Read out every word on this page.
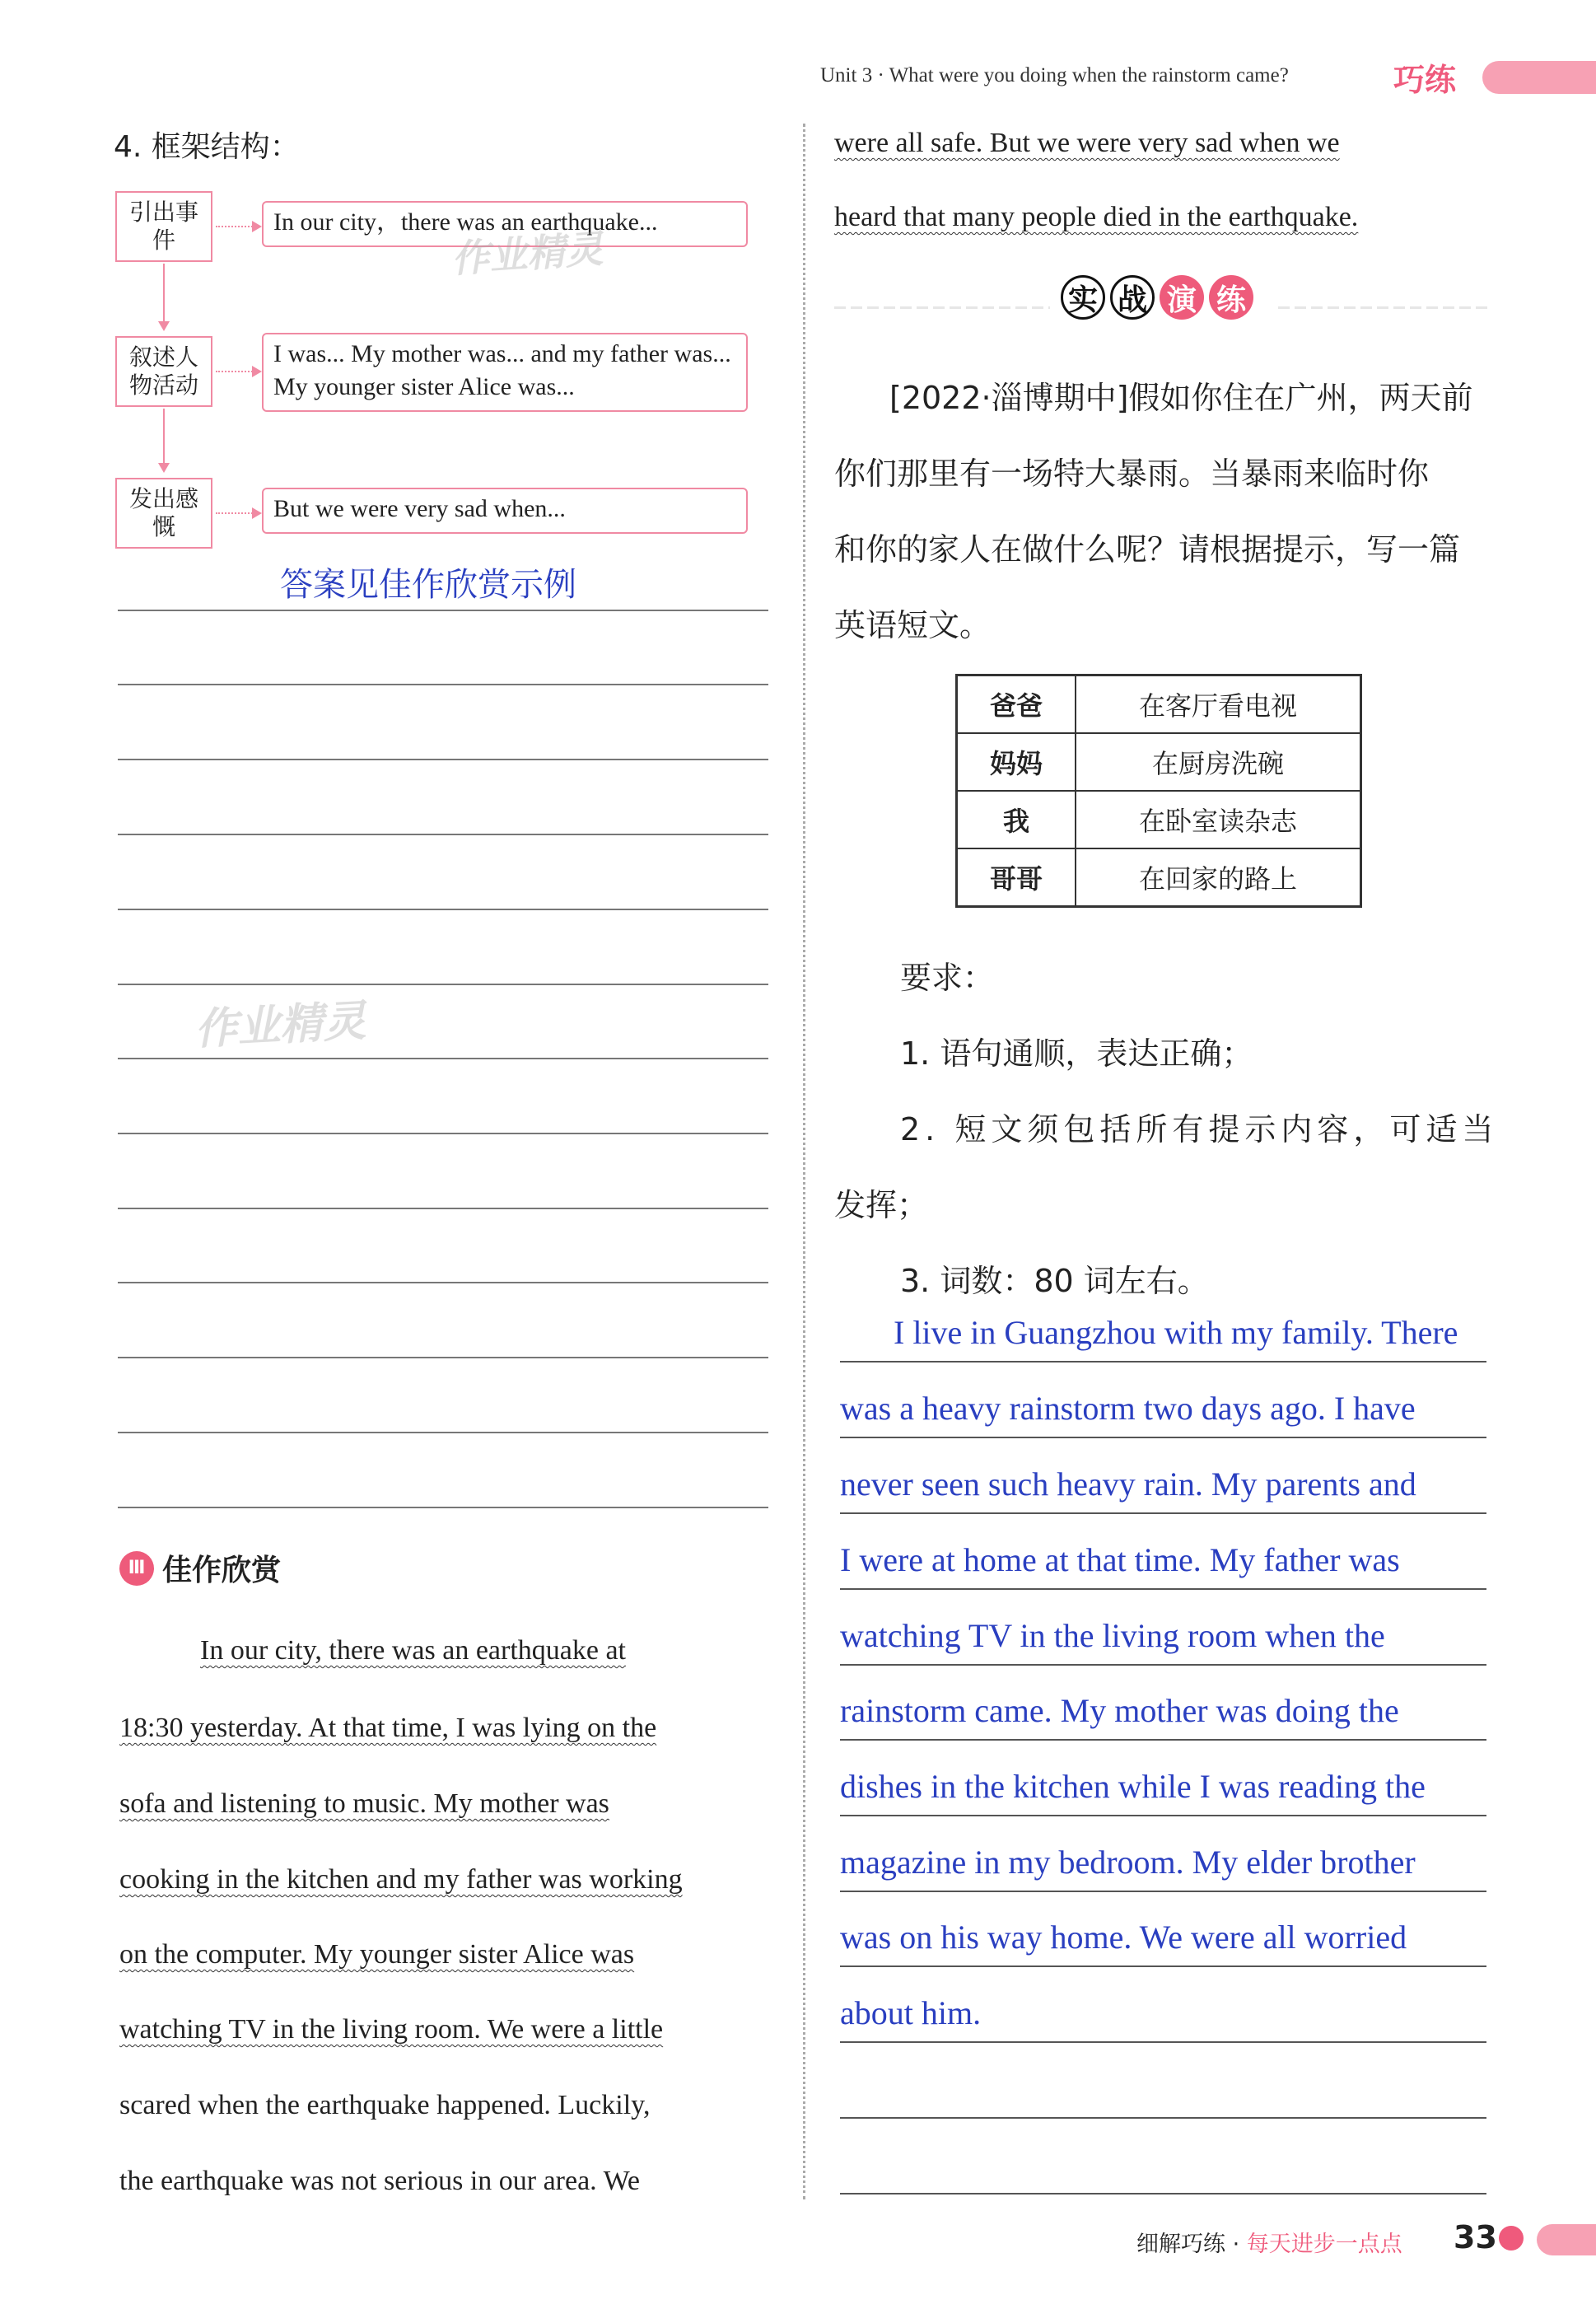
Unit 3 · What were you doing when the rainstorm came?	巧练
4. 框架结构：
引出事件
In our city，there was an earthquake...
叙述人物活动
I was... My mother was... and my father was... My younger sister Alice was...
发出感慨
But we were very sad when...
答案见佳作欣赏示例
作业精灵
作业精灵
Ⅲ 佳作欣赏
In our city, there was an earthquake at
18:30 yesterday. At that time, I was lying on the
sofa and listening to music. My mother was
cooking in the kitchen and my father was working
on the computer. My younger sister Alice was
watching TV in the living room. We were a little
scared when the earthquake happened. Luckily,
the earthquake was not serious in our area. We
were all safe. But we were very sad when we
heard that many people died in the earthquake.
实 战 演 练
[2022·淄博期中]假如你住在广州，两天前
你们那里有一场特大暴雨。当暴雨来临时你
和你的家人在做什么呢？请根据提示，写一篇
英语短文。
爸爸	在客厅看电视
妈妈	在厨房洗碗
我	在卧室读杂志
哥哥	在回家的路上
要求：
1. 语句通顺，表达正确；
2. 短文须包括所有提示内容，可适当
发挥；
3. 词数：80 词左右。
I live in Guangzhou with my family. There
was a heavy rainstorm two days ago. I have
never seen such heavy rain. My parents and
I were at home at that time. My father was
watching TV in the living room when the
rainstorm came. My mother was doing the
dishes in the kitchen while I was reading the
magazine in my bedroom. My elder brother
was on his way home. We were all worried
about him.
细解巧练 · 每天进步一点点 33
